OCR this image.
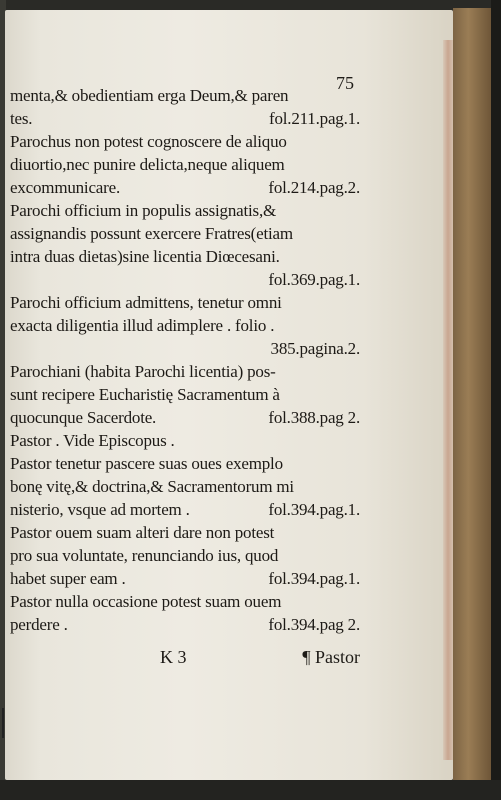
75
menta,& obedientiam erga Deum,& paren
tes.	fol.211.pag.1.
Parochus non potest cognoscere de aliquo
diuortio,nec punire delicta,neque aliquem
excommunicare.	fol.214.pag.2.
Parochi officium in populis assignatis,&
assignandis possunt exercere Fratres(etiam
intra duas dietas)sine licentia Diœcesani.
fol.369.pag.1.
Parochi officium admittens, tenetur omni
exacta diligentia illud adimplere . folio .
385.pagina.2.
Parochiani (habita Parochi licentia) pos-
sunt recipere Eucharistię Sacramentum à
quocunque Sacerdote.	fol.388.pag 2.
Pastor . Vide Episcopus .
Pastor tenetur pascere suas oues exemplo
bonę vitę,& doctrina,& Sacramentorum mi
nisterio, vsque ad mortem .	fol.394.pag.1.
Pastor ouem suam alteri dare non potest
pro sua voluntate, renunciando ius, quod
habet super eam .	fol.394.pag.1.
Pastor nulla occasione potest suam ouem
perdere .	fol.394.pag 2.
K 3	¶ Pastor
